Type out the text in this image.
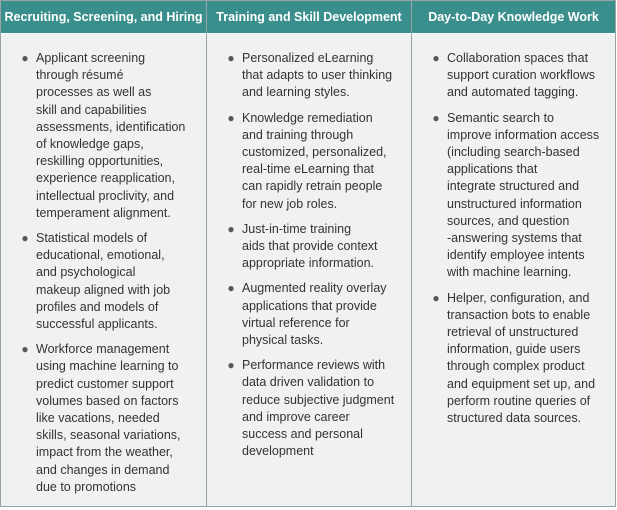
Recruiting, Screening, and Hiring	Training and Skill Development	Day-to-Day Knowledge Work
● Applicant screening
through résumé
processes as well as
skill and capabilities
assessments, identification
of knowledge gaps,
reskilling opportunities,
experience reapplication,
intellectual proclivity, and
temperament alignment.
● Statistical models of
educational, emotional,
and psychological
makeup aligned with job
profiles and models of
successful applicants.
● Workforce management
using machine learning to
predict customer support
volumes based on factors
like vacations, needed
skills, seasonal variations,
impact from the weather,
and changes in demand
due to promotions
● Personalized eLearning
that adapts to user thinking
and learning styles.
● Knowledge remediation
and training through
customized, personalized,
real-time eLearning that
can rapidly retrain people
for new job roles.
● Just-in-time training
aids that provide context
appropriate information.
● Augmented reality overlay
applications that provide
virtual reference for
physical tasks.
● Performance reviews with
data driven validation to
reduce subjective judgment
and improve career
success and personal
development
● Collaboration spaces that
support curation workflows
and automated tagging.
● Semantic search to
improve information access
(including search-based
applications that
integrate structured and
unstructured information
sources, and question
-answering systems that
identify employee intents
with machine learning.
● Helper, configuration, and
transaction bots to enable
retrieval of unstructured
information, guide users
through complex product
and equipment set up, and
perform routine queries of
structured data sources.
